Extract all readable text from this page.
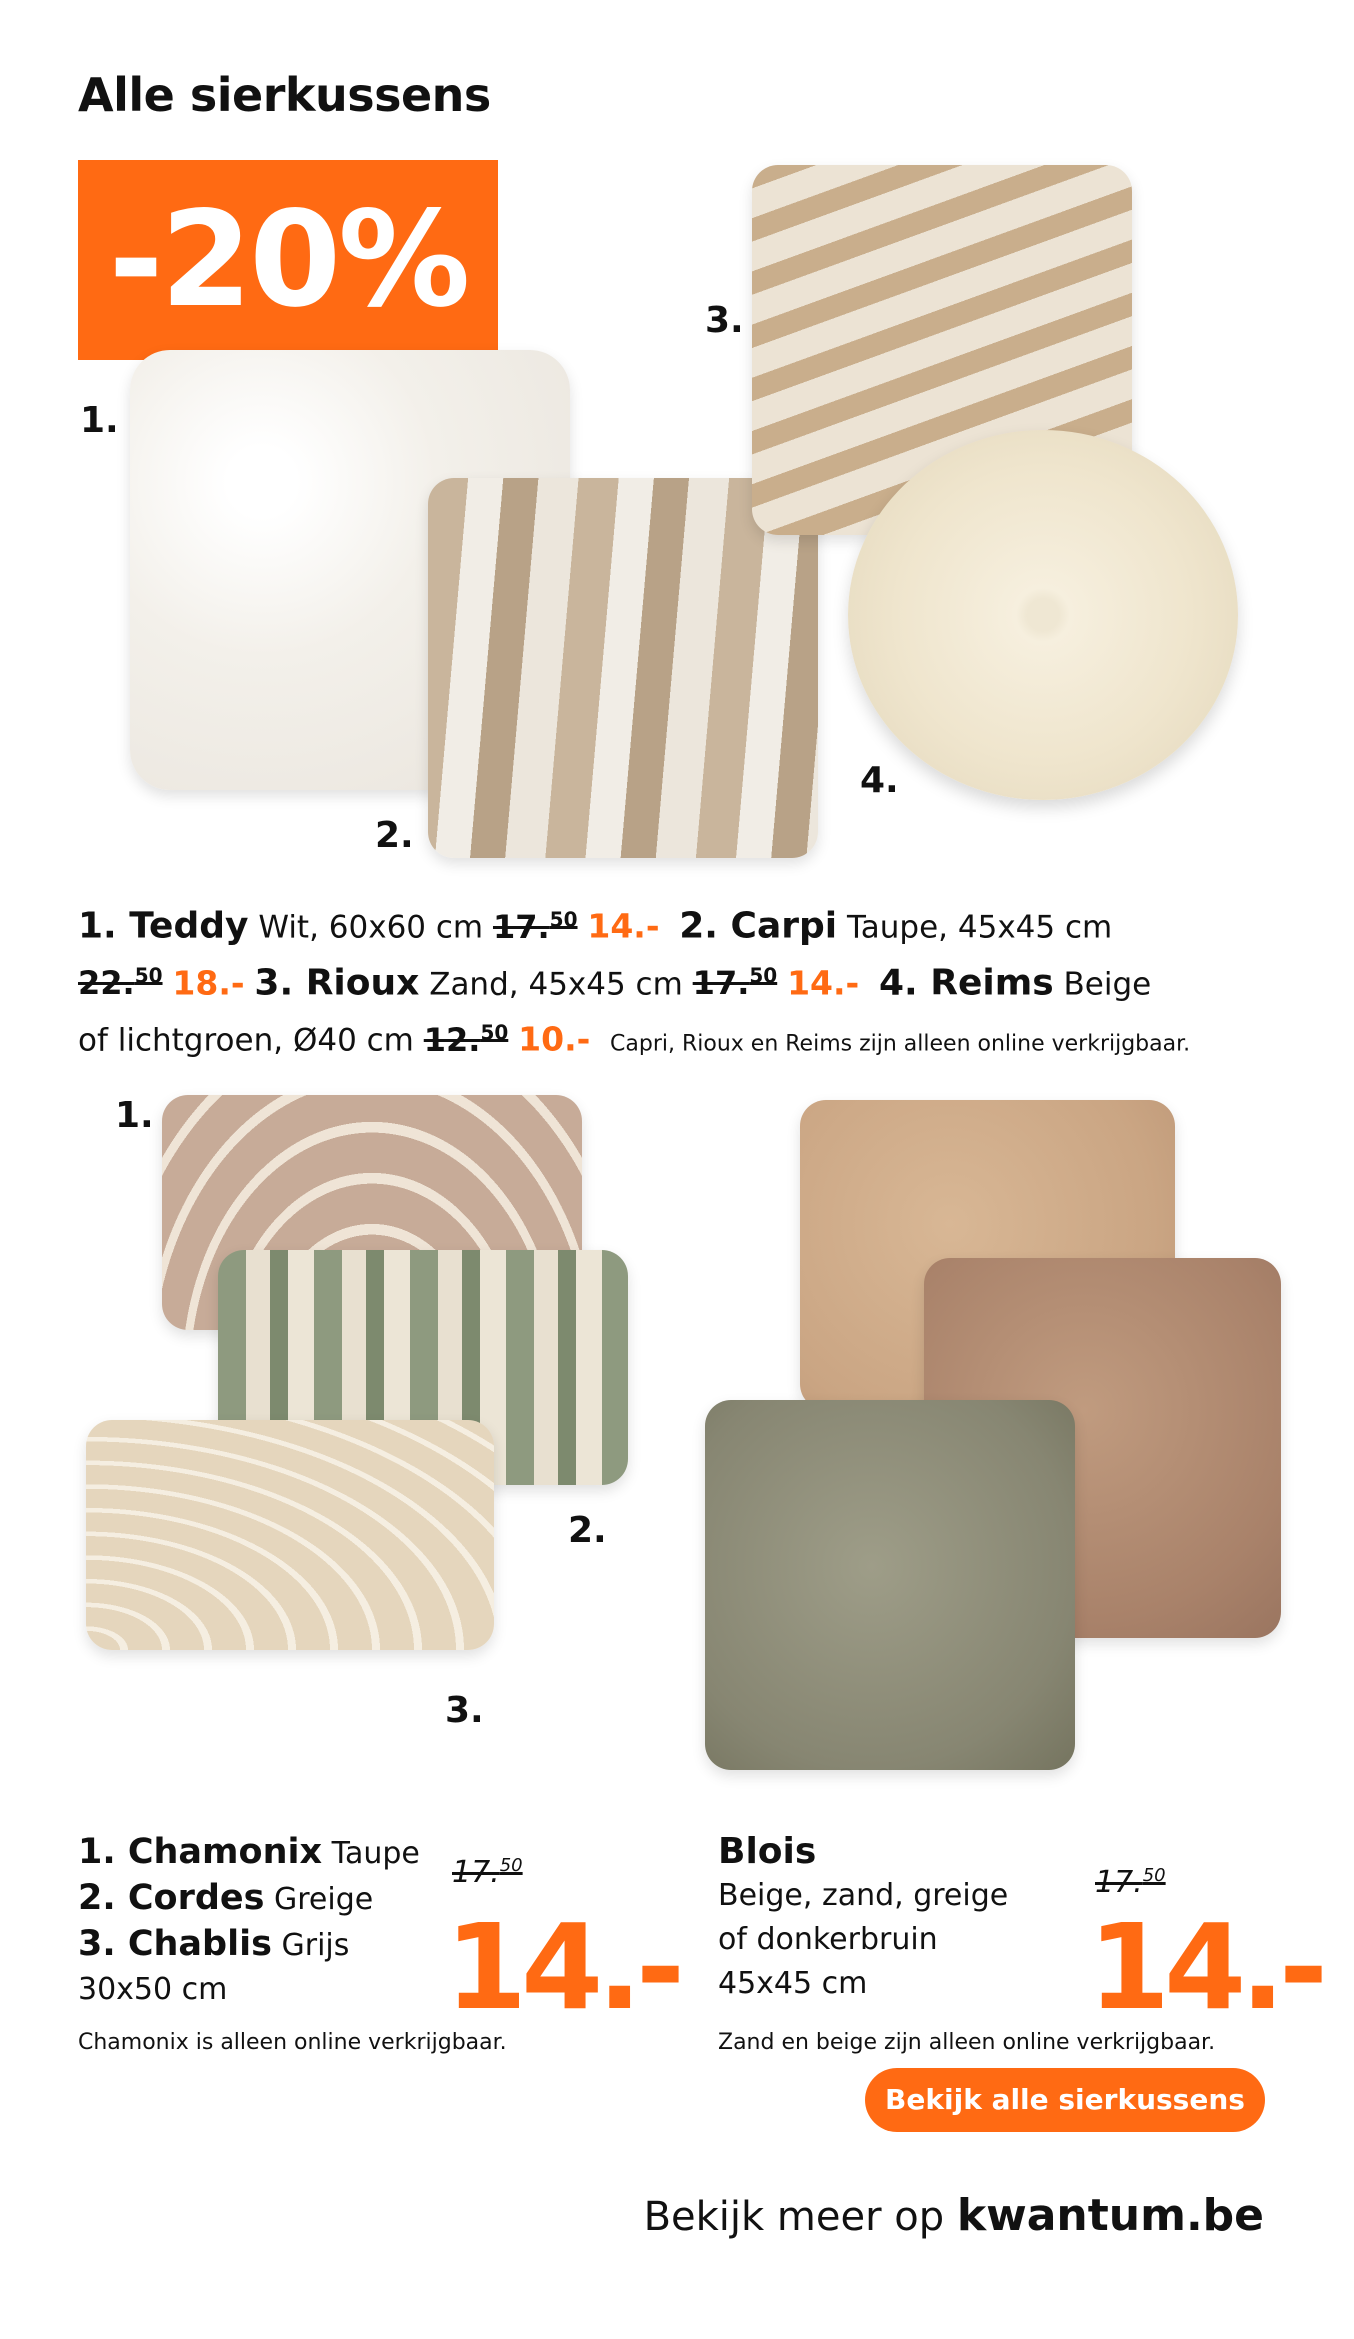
Alle sierkussens
-20%
1.
2.
3.
4.
1. Teddy Wit, 60x60 cm 17.50 14.- 2. Carpi Taupe, 45x45 cm
22.50 18.- 3. Rioux Zand, 45x45 cm 17.50 14.- 4. Reims Beige
of lichtgroen, Ø40 cm 12.50 10.- Capri, Rioux en Reims zijn alleen online verkrijgbaar.
1.
2.
3.
1. Chamonix Taupe
2. Cordes Greige
3. Chablis Grijs
30x50 cm
17.50
14.-
Chamonix is alleen online verkrijgbaar.
Blois
Beige, zand, greige
of donkerbruin
45x45 cm
17.50
14.-
Zand en beige zijn alleen online verkrijgbaar.
Bekijk alle sierkussens
Bekijk meer op kwantum.be
